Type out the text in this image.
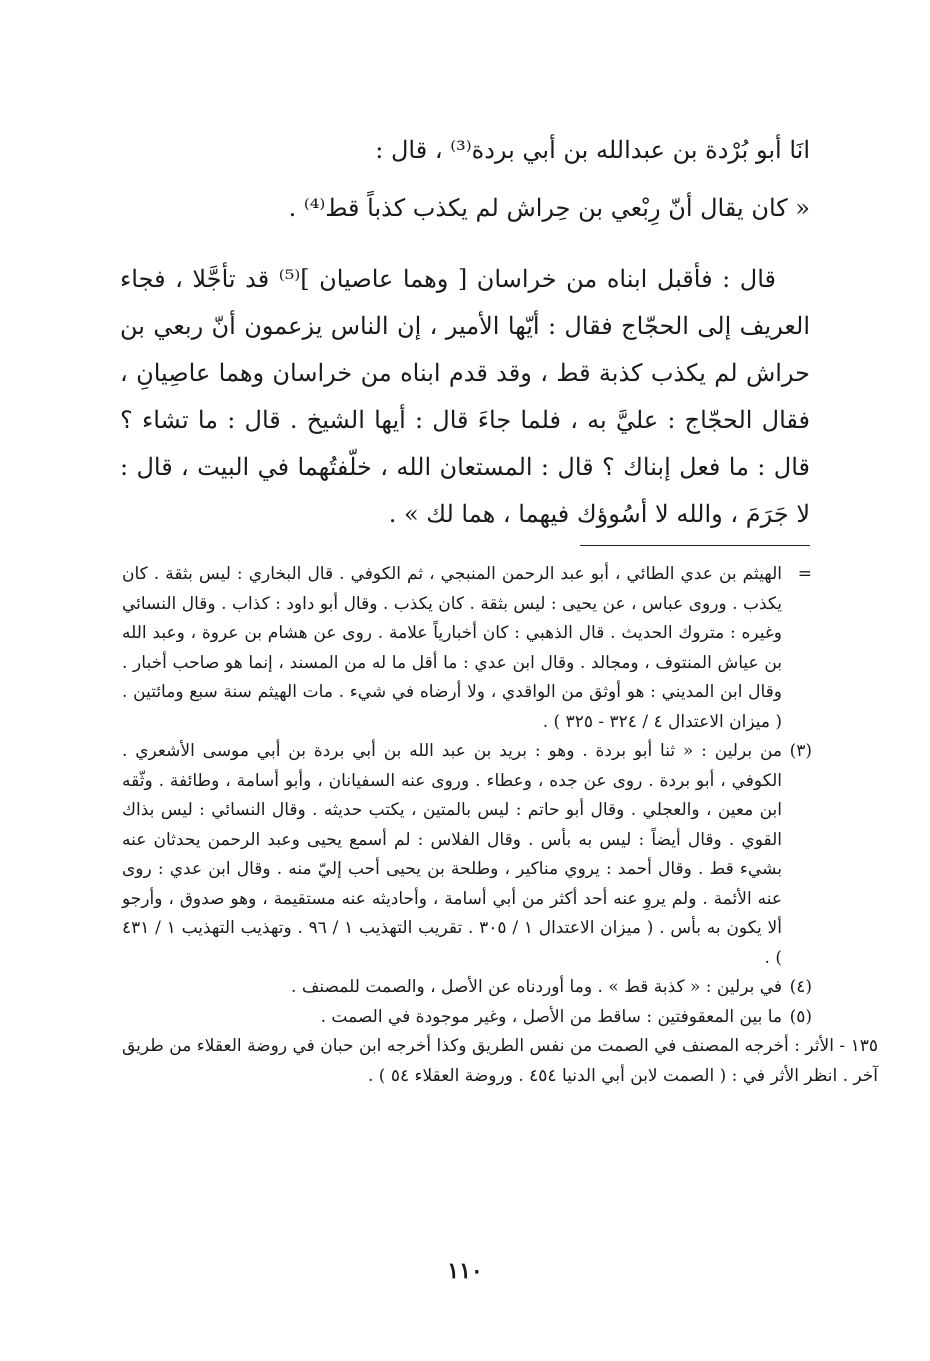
انَا أبو بُرْدة بن عبدالله بن أبي بردة⁽³⁾ ، قال :

« كان يقال أنّ رِبْعي بن حِراش لم يكذب كذباً قط⁽⁴⁾ .

قال : فأقبل ابناه من خراسان [ وهما عاصيان ]⁽⁵⁾ قد تأجَّلا ، فجاء العريف إلى الحجّاج فقال : أيّها الأمير ، إن الناس يزعمون أنّ ربعي بن حراش لم يكذب كذبة قط ، وقد قدم ابناه من خراسان وهما عاصِيانِ ، فقال الحجّاج : عليَّ به ، فلما جاءَ قال : أيها الشيخ . قال : ما تشاء ؟ قال : ما فعل إبناك ؟ قال : المستعان الله ، خلّفتُهما في البيت ، قال : لا جَرَمَ ، والله لا أسُوؤك فيهما ، هما لك » .

=
الهيثم بن عدي الطائي ، أبو عبد الرحمن المنبجي ، ثم الكوفي . قال البخاري : ليس بثقة . كان يكذب . وروى عباس ، عن يحيى : ليس بثقة . كان يكذب . وقال أبو داود : كذاب . وقال النسائي وغيره : متروك الحديث . قال الذهبي : كان أخبارياً علامة . روى عن هشام بن عروة ، وعبد الله بن عياش المنتوف ، ومجالد . وقال ابن عدي : ما أقل ما له من المسند ، إنما هو صاحب أخبار . وقال ابن المديني : هو أوثق من الواقدي ، ولا أرضاه في شيء . مات الهيثم سنة سبع ومائتين . ( ميزان الاعتدال ٤ / ٣٢٤ - ٣٢٥ ) .

(٣)
من برلين : « ثنا أبو بردة . وهو : بريد بن عبد الله بن أبي بردة بن أبي موسى الأشعري . الكوفي ، أبو بردة . روى عن جده ، وعطاء . وروى عنه السفيانان ، وأبو أسامة ، وطائفة . وثّقه ابن معين ، والعجلي . وقال أبو حاتم : ليس بالمتين ، يكتب حديثه . وقال النسائي : ليس بذاك القوي . وقال أيضاً : ليس به بأس . وقال الفلاس : لم أسمع يحيى وعبد الرحمن يحدثان عنه بشيء قط . وقال أحمد : يروي مناكير ، وطلحة بن يحيى أحب إليّ منه . وقال ابن عدي : روى عنه الأئمة . ولم يروِ عنه أحد أكثر من أبي أسامة ، وأحاديثه عنه مستقيمة ، وهو صدوق ، وأرجو ألا يكون به بأس . ( ميزان الاعتدال ١ / ٣٠٥ . تقريب التهذيب ١ / ٩٦ . وتهذيب التهذيب ١ / ٤٣١ ) .

(٤)
في برلين : « كذبة قط » . وما أوردناه عن الأصل ، والصمت للمصنف .

(٥)
ما بين المعقوفتين : ساقط من الأصل ، وغير موجودة في الصمت .

١٣٥ - الأثر : أخرجه المصنف في الصمت من نفس الطريق وكذا أخرجه ابن حبان في روضة العقلاء من طريق آخر . انظر الأثر في : ( الصمت لابن أبي الدنيا ٤٥٤ . وروضة العقلاء ٥٤ ) .

١١٠
